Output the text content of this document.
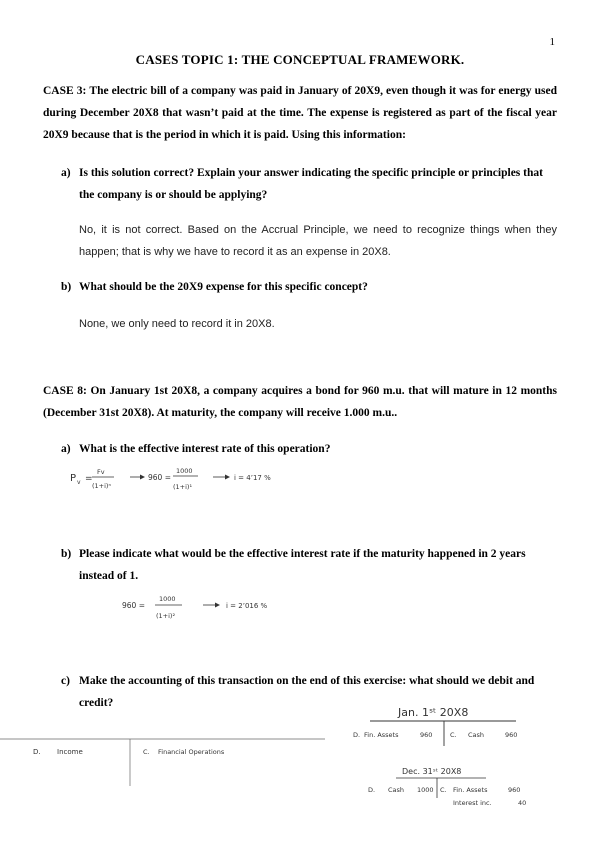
1
CASES TOPIC 1: THE CONCEPTUAL FRAMEWORK.
CASE 3: The electric bill of a company was paid in January of 20X9, even though it was for energy used during December 20X8 that wasn’t paid at the time. The expense is registered as part of the fiscal year 20X9 because that is the period in which it is paid. Using this information:
a) Is this solution correct? Explain your answer indicating the specific principle or principles that the company is or should be applying?
No, it is not correct. Based on the Accrual Principle, we need to recognize things when they happen; that is why we have to record it as an expense in 20X8.
b) What should be the 20X9 expense for this specific concept?
None, we only need to record it in 20X8.
CASE 8: On January 1st 20X8, a company acquires a bond for 960 m.u. that will mature in 12 months (December 31st 20X8). At maturity, the company will receive 1.000 m.u..
a) What is the effective interest rate of this operation?
P v =
Fv
(1+i)ⁿ
960 =
1000
(1+i)¹
i = 4’17 %
b) Please indicate what would be the effective interest rate if the maturity happened in 2 years instead of 1.
960 =
1000
(1+i)²
i = 2’016 %
c) Make the accounting of this transaction on the end of this exercise: what should we debit and credit?
D. Income	C. Financial Operations
Jan. 1ˢᵗ 20X8
D. Fin. Assets	960	C. Cash	960
Dec. 31ˢᵗ 20X8
D. Cash 1000 C. Fin. Assets	960
Interest inc.	40
